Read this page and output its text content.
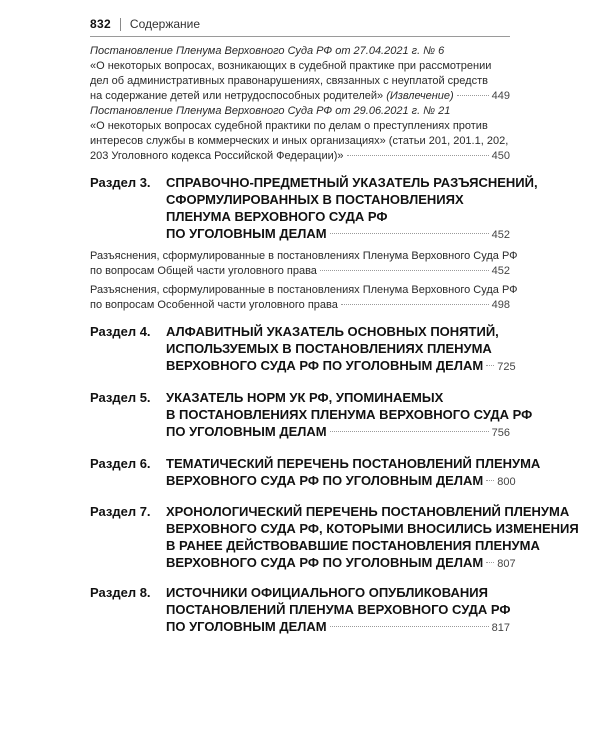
832 Содержание
Постановление Пленума Верховного Суда РФ от 27.04.2021 г. № 6
«О некоторых вопросах, возникающих в судебной практике при рассмотрении
дел об административных правонарушениях, связанных с неуплатой средств
на содержание детей или нетрудоспособных родителей» (Извлечение)	449
Постановление Пленума Верховного Суда РФ от 29.06.2021 г. № 21
«О некоторых вопросах судебной практики по делам о преступлениях против
интересов службы в коммерческих и иных организациях» (статьи 201, 201.1, 202,
203 Уголовного кодекса Российской Федерации)»	450
Раздел 3. СПРАВОЧНО-ПРЕДМЕТНЫЙ УКАЗАТЕЛЬ РАЗЪЯСНЕНИЙ,
СФОРМУЛИРОВАННЫХ В ПОСТАНОВЛЕНИЯХ
ПЛЕНУМА ВЕРХОВНОГО СУДА РФ
ПО УГОЛОВНЫМ ДЕЛАМ	452
Разъяснения, сформулированные в постановлениях Пленума Верховного Суда РФ
по вопросам Общей части уголовного права	452
Разъяснения, сформулированные в постановлениях Пленума Верховного Суда РФ
по вопросам Особенной части уголовного права	498
Раздел 4. АЛФАВИТНЫЙ УКАЗАТЕЛЬ ОСНОВНЫХ ПОНЯТИЙ,
ИСПОЛЬЗУЕМЫХ В ПОСТАНОВЛЕНИЯХ ПЛЕНУМА
ВЕРХОВНОГО СУДА РФ ПО УГОЛОВНЫМ ДЕЛАМ 725
Раздел 5. УКАЗАТЕЛЬ НОРМ УК РФ, УПОМИНАЕМЫХ
В ПОСТАНОВЛЕНИЯХ ПЛЕНУМА ВЕРХОВНОГО СУДА РФ
ПО УГОЛОВНЫМ ДЕЛАМ	756
Раздел 6. ТЕМАТИЧЕСКИЙ ПЕРЕЧЕНЬ ПОСТАНОВЛЕНИЙ ПЛЕНУМА
ВЕРХОВНОГО СУДА РФ ПО УГОЛОВНЫМ ДЕЛАМ 800
Раздел 7. ХРОНОЛОГИЧЕСКИЙ ПЕРЕЧЕНЬ ПОСТАНОВЛЕНИЙ ПЛЕНУМА
ВЕРХОВНОГО СУДА РФ, КОТОРЫМИ ВНОСИЛИСЬ ИЗМЕНЕНИЯ
В РАНЕЕ ДЕЙСТВОВАВШИЕ ПОСТАНОВЛЕНИЯ ПЛЕНУМА
ВЕРХОВНОГО СУДА РФ ПО УГОЛОВНЫМ ДЕЛАМ 807
Раздел 8. ИСТОЧНИКИ ОФИЦИАЛЬНОГО ОПУБЛИКОВАНИЯ
ПОСТАНОВЛЕНИЙ ПЛЕНУМА ВЕРХОВНОГО СУДА РФ
ПО УГОЛОВНЫМ ДЕЛАМ	817
